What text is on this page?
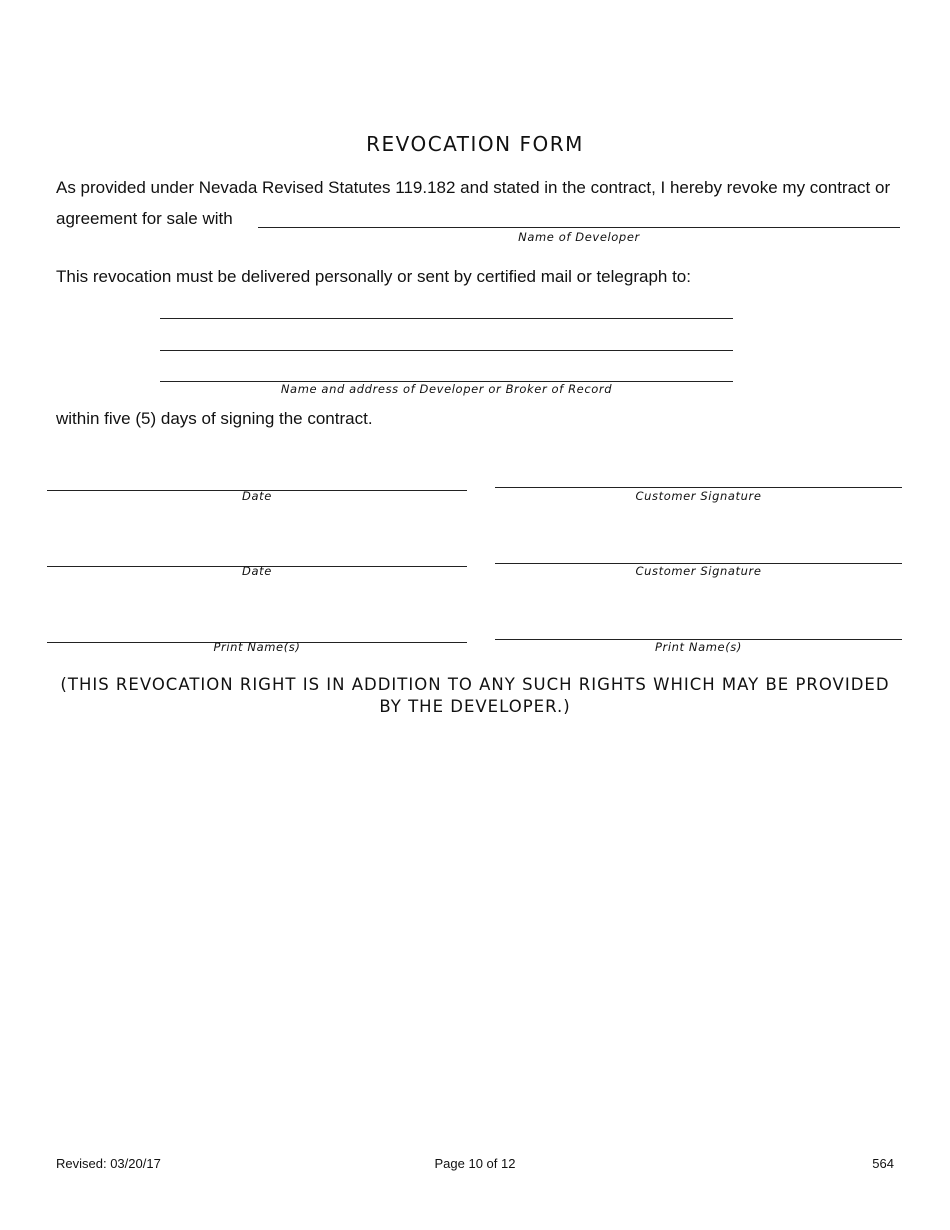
REVOCATION FORM
As provided under Nevada Revised Statutes 119.182 and stated in the contract, I hereby revoke my contract or
agreement for sale with
Name of Developer
This revocation must be delivered personally or sent by certified mail or telegraph to:
Name and address of Developer or Broker of Record
within five (5) days of signing the contract.
Date
Date
Print Name(s)
Customer Signature
Customer Signature
Print Name(s)
(THIS REVOCATION RIGHT IS IN ADDITION TO ANY SUCH RIGHTS WHICH MAY BE PROVIDED BY THE DEVELOPER.)
Revised: 03/20/17	Page 10 of 12	564
